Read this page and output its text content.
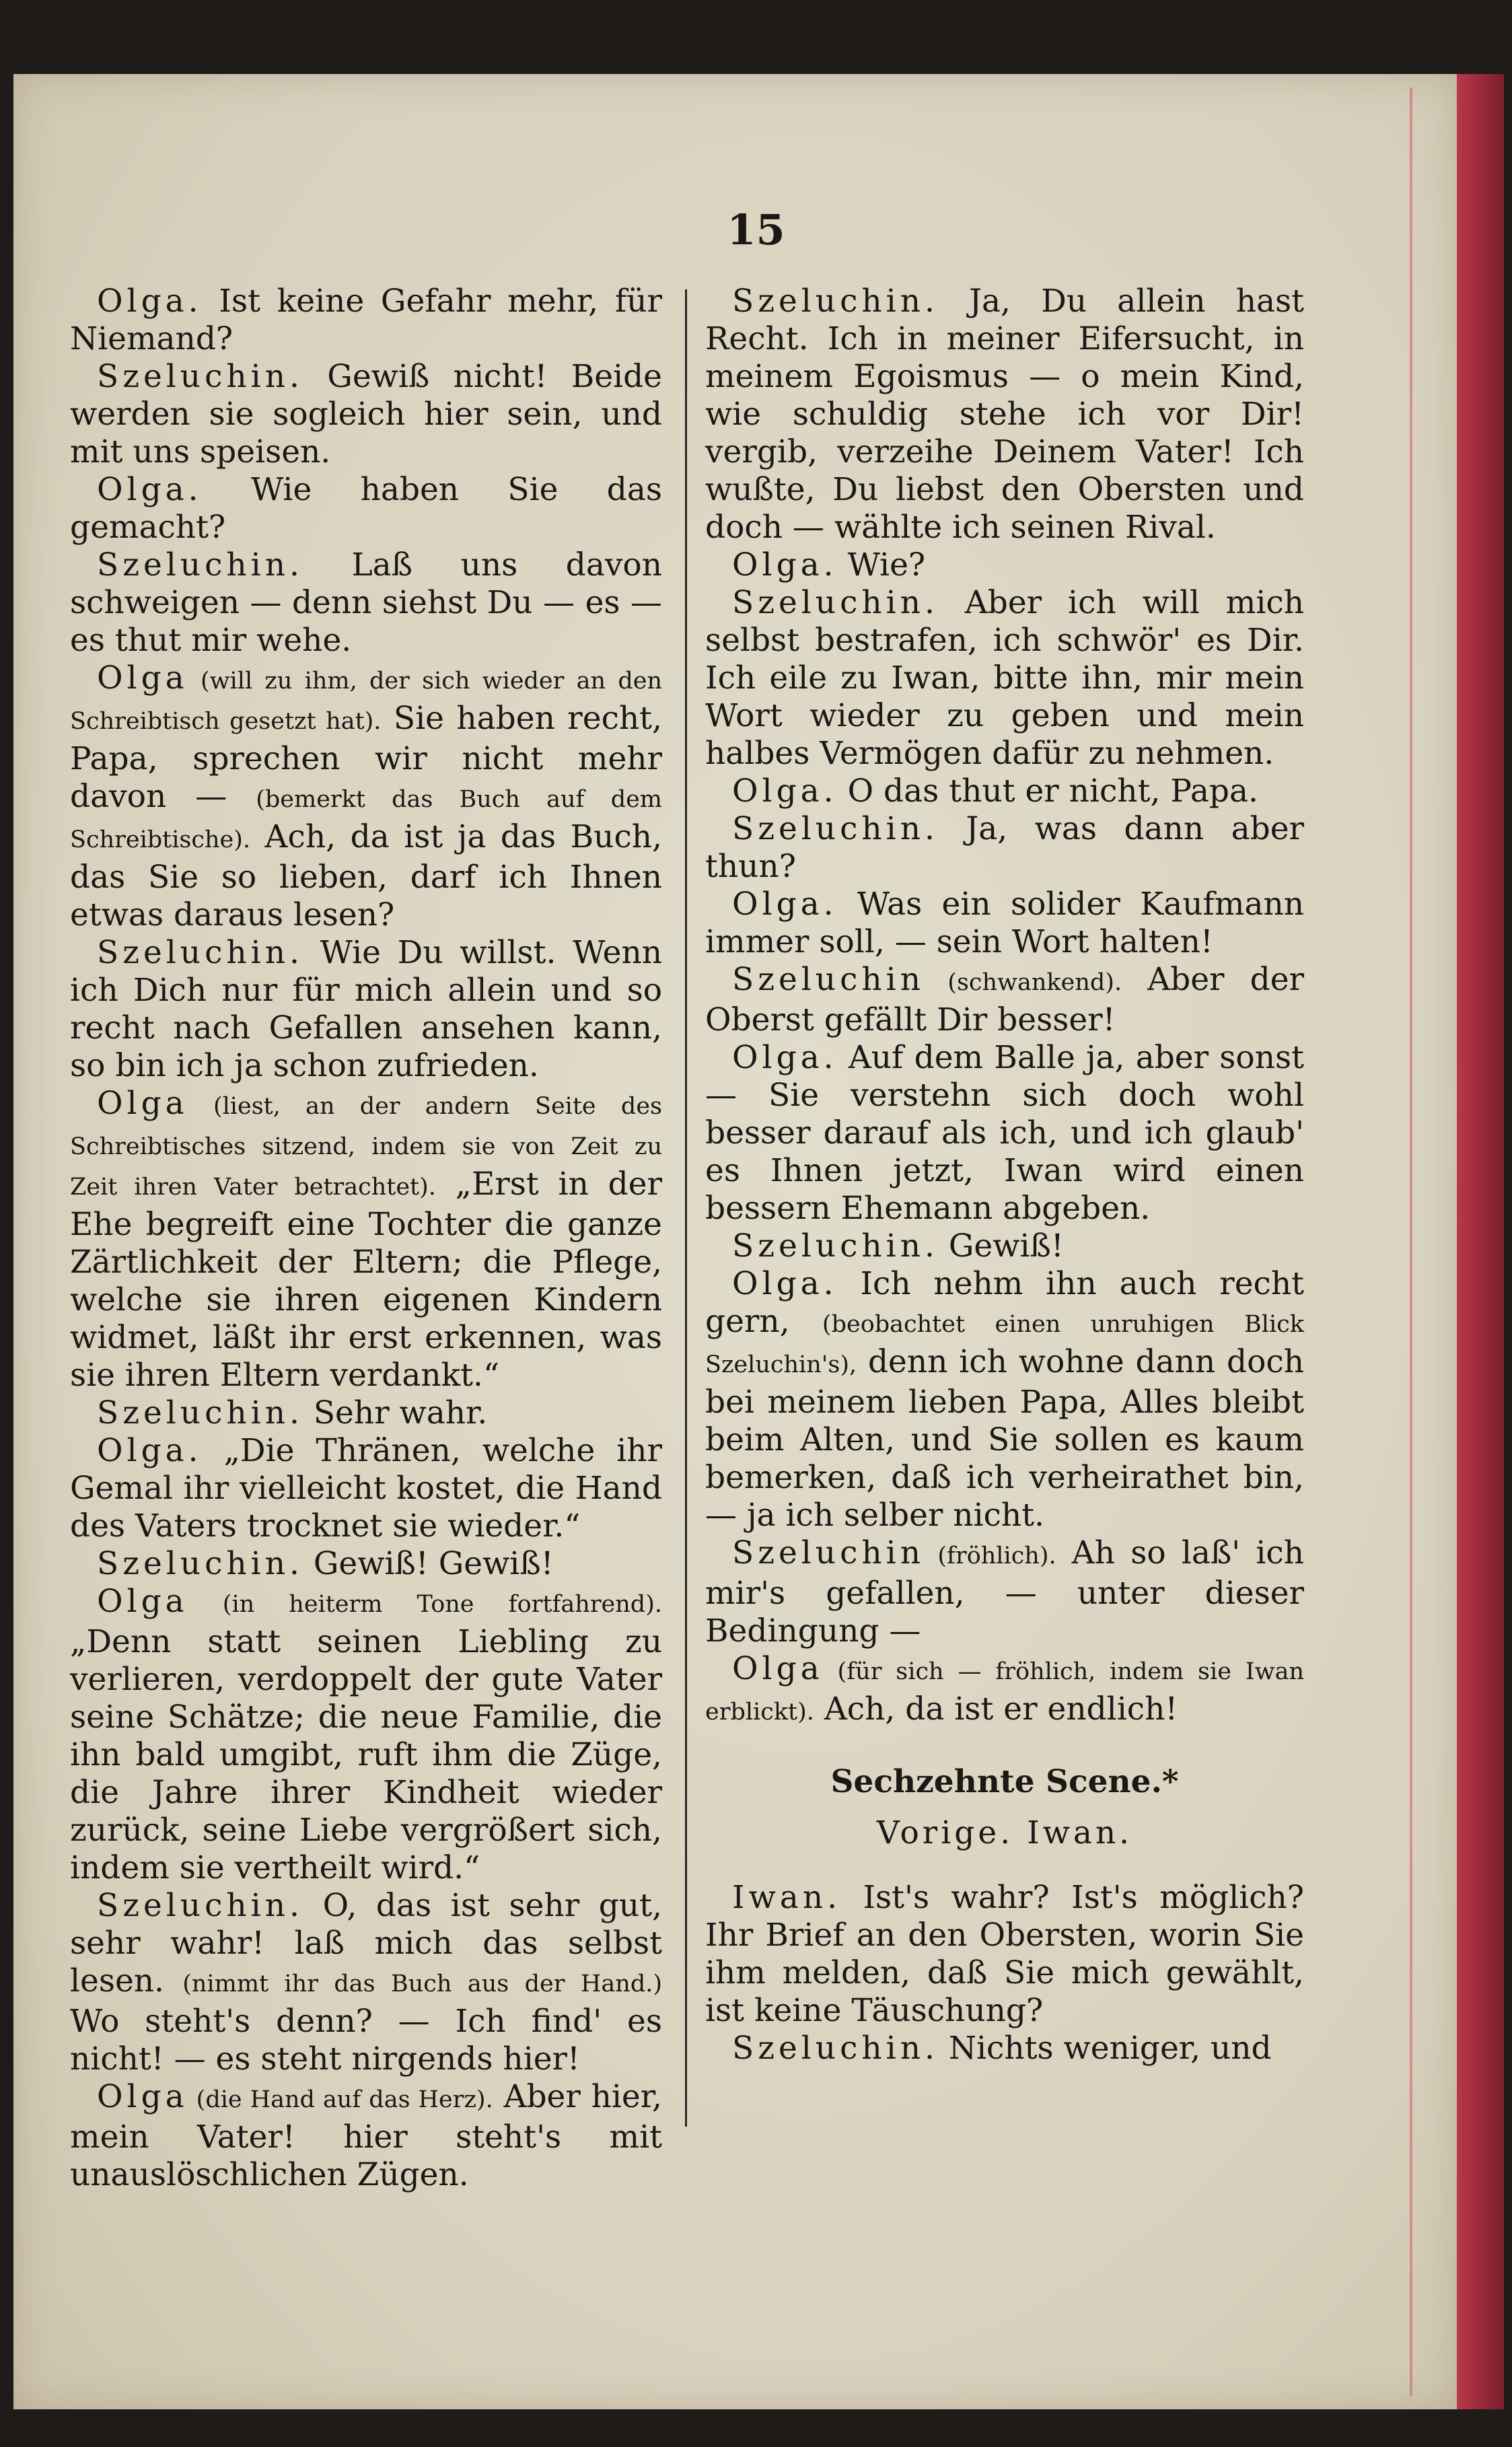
15

Olga. Ist keine Gefahr mehr, für Niemand?

Szeluchin. Gewiß nicht! Beide werden sie sogleich hier sein, und mit uns speisen.

Olga. Wie haben Sie das gemacht?

Szeluchin. Laß uns davon schweigen — denn siehst Du — es — es thut mir wehe.

Olga (will zu ihm, der sich wieder an den Schreibtisch gesetzt hat). Sie haben recht, Papa, sprechen wir nicht mehr davon — (bemerkt das Buch auf dem Schreibtische). Ach, da ist ja das Buch, das Sie so lieben, darf ich Ihnen etwas daraus lesen?

Szeluchin. Wie Du willst. Wenn ich Dich nur für mich allein und so recht nach Gefallen ansehen kann, so bin ich ja schon zufrieden.

Olga (liest, an der andern Seite des Schreibtisches sitzend, indem sie von Zeit zu Zeit ihren Vater betrachtet). „Erst in der Ehe begreift eine Tochter die ganze Zärtlichkeit der Eltern; die Pflege, welche sie ihren eigenen Kindern widmet, läßt ihr erst erkennen, was sie ihren Eltern verdankt.“

Szeluchin. Sehr wahr.

Olga. „Die Thränen, welche ihr Gemal ihr vielleicht kostet, die Hand des Vaters trocknet sie wieder.“

Szeluchin. Gewiß! Gewiß!

Olga (in heiterm Tone fortfahrend). „Denn statt seinen Liebling zu verlieren, verdoppelt der gute Vater seine Schätze; die neue Familie, die ihn bald umgibt, ruft ihm die Züge, die Jahre ihrer Kindheit wieder zurück, seine Liebe vergrößert sich, indem sie vertheilt wird.“

Szeluchin. O, das ist sehr gut, sehr wahr! laß mich das selbst lesen. (nimmt ihr das Buch aus der Hand.) Wo steht's denn? — Ich find' es nicht! — es steht nirgends hier!

Olga (die Hand auf das Herz). Aber hier, mein Vater! hier steht's mit unauslöschlichen Zügen.

Szeluchin. Ja, Du allein hast Recht. Ich in meiner Eifersucht, in meinem Egoismus — o mein Kind, wie schuldig stehe ich vor Dir! vergib, verzeihe Deinem Vater! Ich wußte, Du liebst den Obersten und doch — wählte ich seinen Rival.

Olga. Wie?

Szeluchin. Aber ich will mich selbst bestrafen, ich schwör' es Dir. Ich eile zu Iwan, bitte ihn, mir mein Wort wieder zu geben und mein halbes Vermögen dafür zu nehmen.

Olga. O das thut er nicht, Papa.

Szeluchin. Ja, was dann aber thun?

Olga. Was ein solider Kaufmann immer soll, — sein Wort halten!

Szeluchin (schwankend). Aber der Oberst gefällt Dir besser!

Olga. Auf dem Balle ja, aber sonst — Sie verstehn sich doch wohl besser darauf als ich, und ich glaub' es Ihnen jetzt, Iwan wird einen bessern Ehemann abgeben.

Szeluchin. Gewiß!

Olga. Ich nehm ihn auch recht gern, (beobachtet einen unruhigen Blick Szeluchin's), denn ich wohne dann doch bei meinem lieben Papa, Alles bleibt beim Alten, und Sie sollen es kaum bemerken, daß ich verheirathet bin, — ja ich selber nicht.

Szeluchin (fröhlich). Ah so laß' ich mir's gefallen, — unter dieser Bedingung —

Olga (für sich — fröhlich, indem sie Iwan erblickt). Ach, da ist er endlich!

Sechzehnte Scene.*

Vorige. Iwan.

Iwan. Ist's wahr? Ist's möglich? Ihr Brief an den Obersten, worin Sie ihm melden, daß Sie mich gewählt, ist keine Täuschung?

Szeluchin. Nichts weniger, und
